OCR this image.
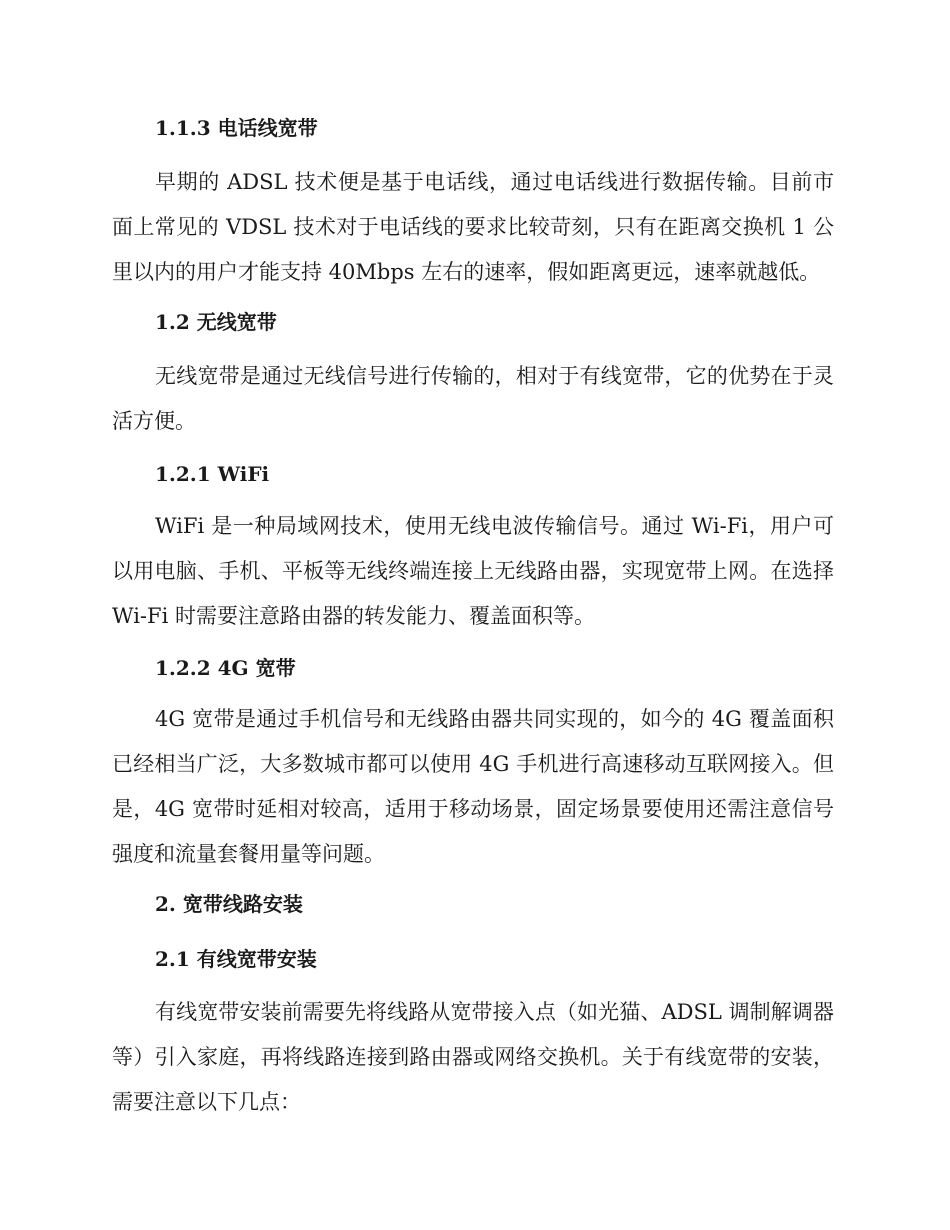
1.1.3 电话线宽带

早期的 ADSL 技术便是基于电话线，通过电话线进行数据传输。目前市面上常见的 VDSL 技术对于电话线的要求比较苛刻，只有在距离交换机 1 公里以内的用户才能支持 40Mbps 左右的速率，假如距离更远，速率就越低。

1.2 无线宽带

无线宽带是通过无线信号进行传输的，相对于有线宽带，它的优势在于灵活方便。

1.2.1 WiFi

WiFi 是一种局域网技术，使用无线电波传输信号。通过 Wi-Fi，用户可以用电脑、手机、平板等无线终端连接上无线路由器，实现宽带上网。在选择 Wi-Fi 时需要注意路由器的转发能力、覆盖面积等。

1.2.2 4G 宽带

4G 宽带是通过手机信号和无线路由器共同实现的，如今的 4G 覆盖面积已经相当广泛，大多数城市都可以使用 4G 手机进行高速移动互联网接入。但是，4G 宽带时延相对较高，适用于移动场景，固定场景要使用还需注意信号强度和流量套餐用量等问题。

2. 宽带线路安装
2.1 有线宽带安装

有线宽带安装前需要先将线路从宽带接入点（如光猫、ADSL 调制解调器等）引入家庭，再将线路连接到路由器或网络交换机。关于有线宽带的安装，需要注意以下几点：
